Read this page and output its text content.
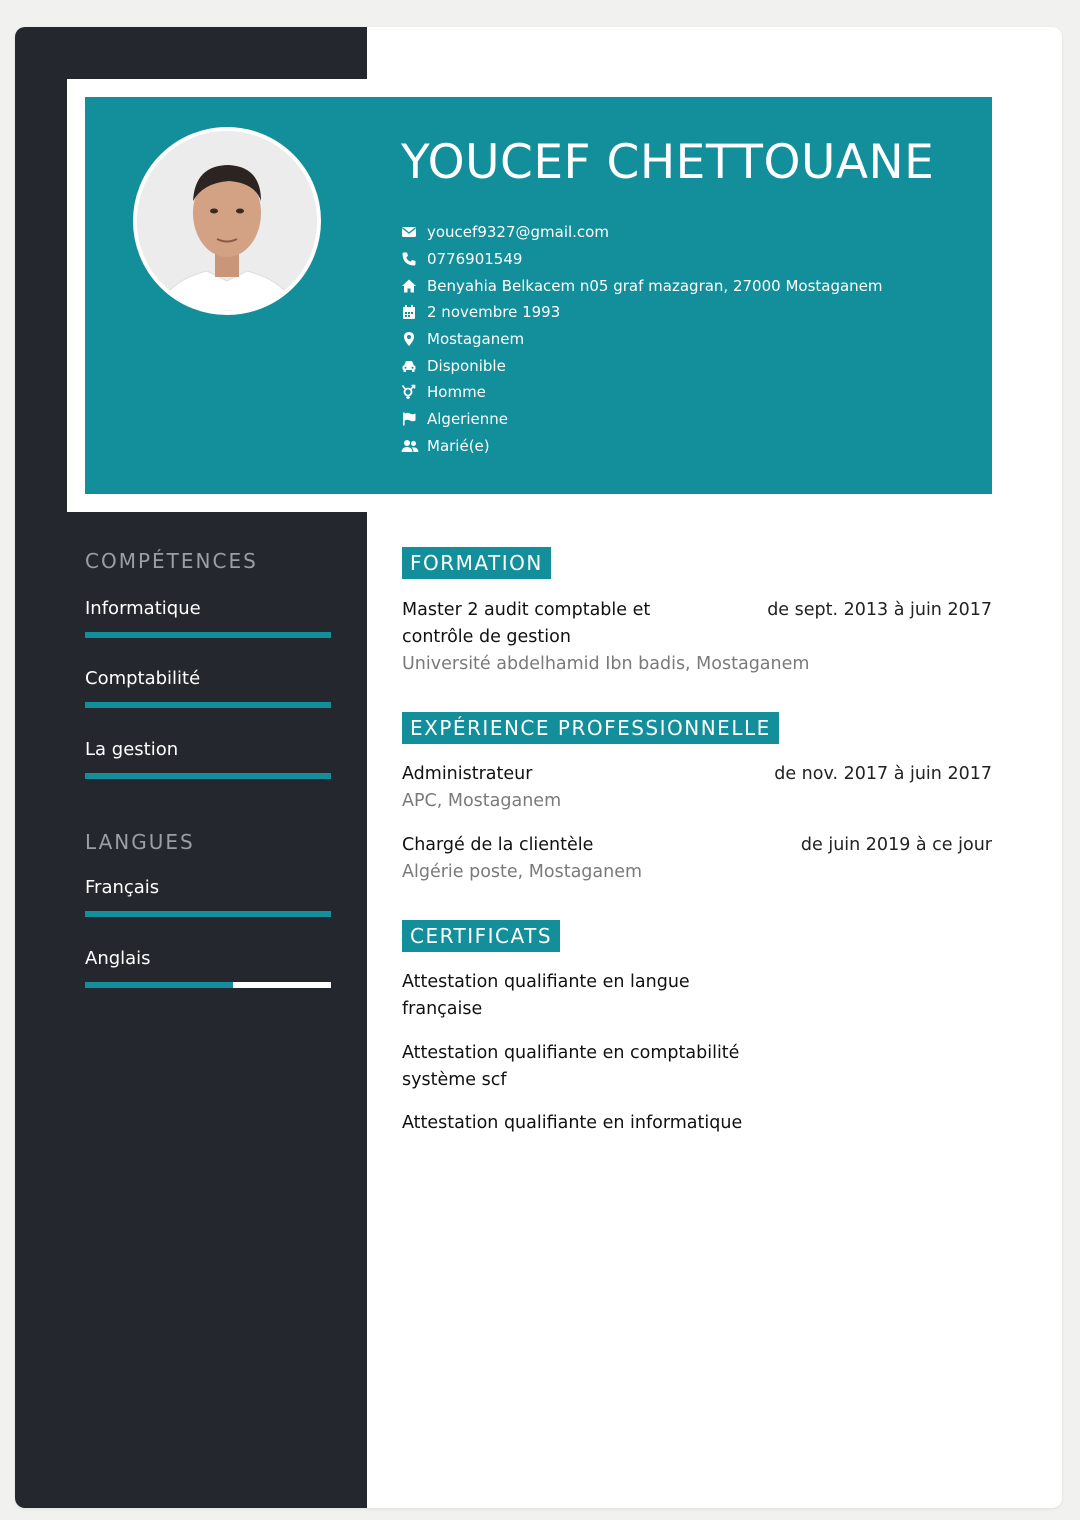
YOUCEF CHETTOUANE
youcef9327@gmail.com
0776901549
Benyahia Belkacem n05 graf mazagran, 27000 Mostaganem
2 novembre 1993
Mostaganem
Disponible
Homme
Algerienne
Marié(e)
COMPÉTENCES
Informatique
Comptabilité
La gestion
LANGUES
Français
Anglais
FORMATION
Master 2 audit comptable et contrôle de gestion
de sept. 2013 à juin 2017
Université abdelhamid Ibn badis, Mostaganem
EXPÉRIENCE PROFESSIONNELLE
Administrateur	de nov. 2017 à juin 2017
APC, Mostaganem
Chargé de la clientèle	de juin 2019 à ce jour
Algérie poste, Mostaganem
CERTIFICATS
Attestation qualifiante en langue française
Attestation qualifiante en comptabilité système scf
Attestation qualifiante en informatique
